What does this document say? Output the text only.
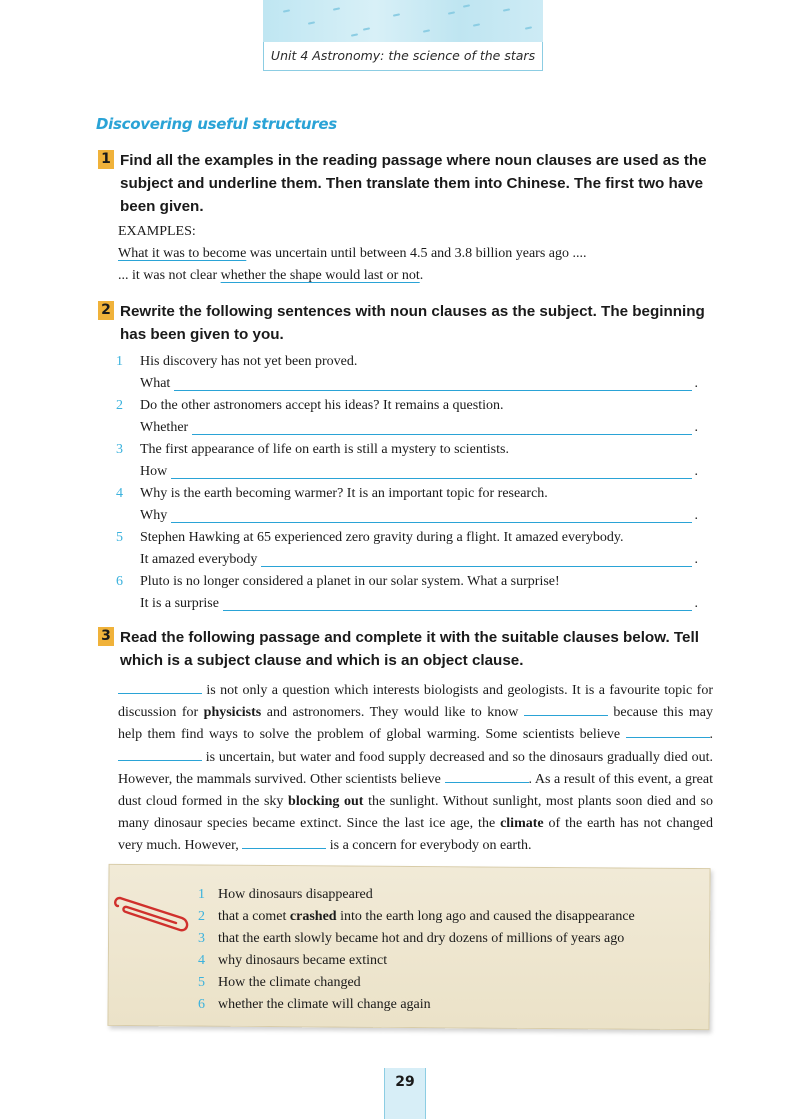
Unit 4 Astronomy: the science of the stars
Discovering useful structures
1 Find all the examples in the reading passage where noun clauses are used as the subject and underline them. Then translate them into Chinese. The first two have been given.
EXAMPLES:
What it was to become was uncertain until between 4.5 and 3.8 billion years ago ....
... it was not clear whether the shape would last or not.
2 Rewrite the following sentences with noun clauses as the subject. The beginning has been given to you.
1	His discovery has not yet been proved.
What	.
2	Do the other astronomers accept his ideas? It remains a question.
Whether	.
3	The first appearance of life on earth is still a mystery to scientists.
How	.
4	Why is the earth becoming warmer? It is an important topic for research.
Why	.
5	Stephen Hawking at 65 experienced zero gravity during a flight. It amazed everybody.
It amazed everybody	.
6	Pluto is no longer considered a planet in our solar system. What a surprise!
It is a surprise	.
3 Read the following passage and complete it with the suitable clauses below. Tell which is a subject clause and which is an object clause.
is not only a question which interests biologists and geologists. It is a favourite topic for discussion for physicists and astronomers. They would like to know	because this may help them find ways to solve the problem of global warming. Some scientists believe	.  is uncertain, but water and food supply decreased and so the dinosaurs gradually died out. However, the mammals survived. Other scientists believe	. As a result of this event, a great dust cloud formed in the sky blocking out the sunlight. Without sunlight, most plants soon died and so many dinosaur species became extinct. Since the last ice age, the climate of the earth has not changed very much. However,	is a concern for everybody on earth.
1 How dinosaurs disappeared
2 that a comet crashed into the earth long ago and caused the disappearance
3 that the earth slowly became hot and dry dozens of millions of years ago
4 why dinosaurs became extinct
5 How the climate changed
6 whether the climate will change again
29
